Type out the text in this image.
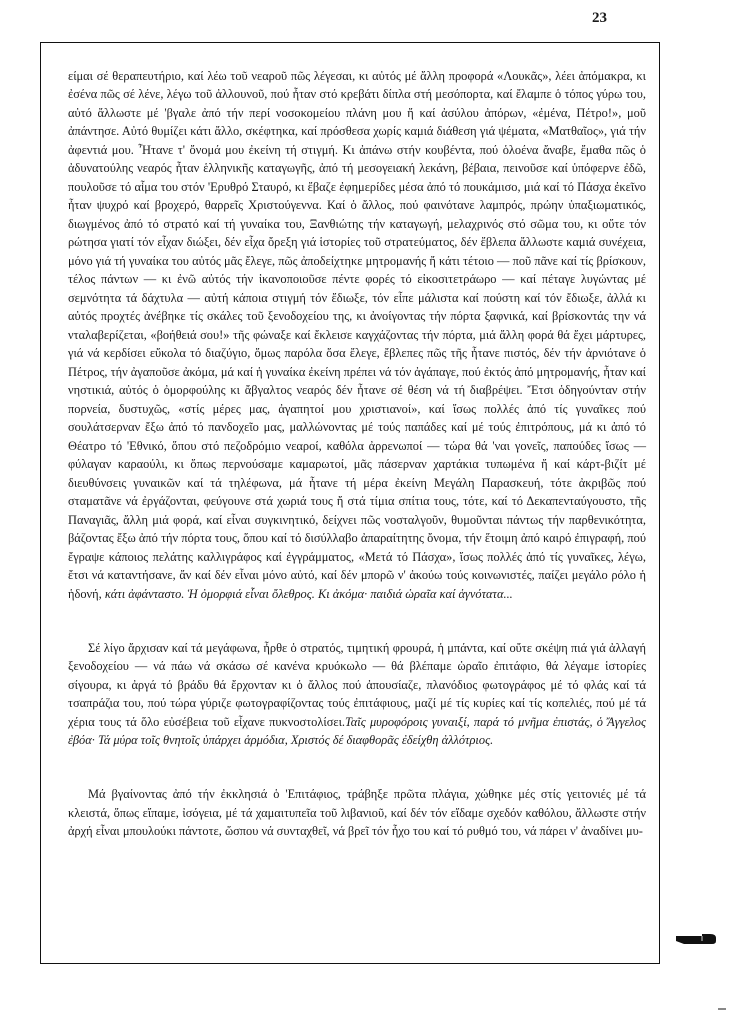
23

είμαι σέ θεραπευτήριο, καί λέω τοῦ νεαροῦ πῶς λέγεσαι, κι αὐτός μέ ἄλλη προφορά «Λουκᾶς», λέει ἀπόμακρα, κι ἐσένα πῶς σέ λένε, λέγω τοῦ ἀλλουνοῦ, πού ἦταν στό κρεβάτι δίπλα στή μεσόπορτα, καί ἔλαμπε ὁ τόπος γύρω του, αὐτό ἄλλωστε μέ 'βγαλε ἀπό τήν περί νοσοκομείου πλάνη μου ἤ καί ἀσύλου ἀπόρων, «ἐμένα, Πέτρο!», μοῦ ἀπάντησε. Αὐτό θυμίζει κάτι ἄλλο, σκέφτηκα, καί πρόσθεσα χωρίς καμιά διάθεση γιά ψέματα, «Ματθαῖος», γιά τήν ἀφεντιά μου. Ἦτανε τ' ὄνομά μου ἐκείνη τή στιγμή. Κι ἀπάνω στήν κουβέντα, πού ὁλοένα ἄναβε, ἔμαθα πῶς ὁ ἀδυνατούλης νεαρός ἦταν ἑλληνικῆς καταγωγῆς, ἀπό τή μεσογειακή λεκάνη, βέβαια, πεινοῦσε καί ὑπόφερνε ἐδῶ, πουλοῦσε τό αἷμα του στόν 'Ερυθρό Σταυρό, κι ἔβαζε ἐφημερίδες μέσα ἀπό τό πουκάμισο, μιά καί τό Πάσχα ἐκεῖνο ἦταν ψυχρό καί βροχερό, θαρρεῖς Χριστούγεννα. Καί ὁ ἄλλος, πού φαινότανε λαμπρός, πρώην ὑπαξιωματικός, διωγμένος ἀπό τό στρατό καί τή γυναίκα του, Ξανθιώτης τήν καταγωγή, μελαχρινός στό σῶμα του, κι οὔτε τόν ρώτησα γιατί τόν εἶχαν διώξει, δέν εἶχα ὄρεξη γιά ἱστορίες τοῦ στρατεύματος, δέν ἔβλεπα ἄλλωστε καμιά συνέχεια, μόνο γιά τή γυναίκα του αὐτός μᾶς ἔλεγε, πῶς ἀποδείχτηκε μητρομανής ἤ κάτι τέτοιο — ποῦ πᾶνε καί τίς βρίσκουν, τέλος πάντων — κι ἐνῶ αὐτός τήν ἱκανοποιοῦσε πέντε φορές τό εἰκοσιτετράωρο — καί πέταγε λυγώντας μέ σεμνότητα τά δάχτυλα — αὐτή κάποια στιγμή τόν ἔδιωξε, τόν εἶπε μάλιστα καί πούστη καί τόν ἔδιωξε, ἀλλά κι αὐτός προχτές ἀνέβηκε τίς σκάλες τοῦ ξενοδοχείου της, κι ἀνοίγοντας τήν πόρτα ξαφνικά, καί βρίσκοντάς την νά νταλαβερίζεται, «βοήθειά σου!» τῆς φώναξε καί ἔκλεισε καγχάζοντας τήν πόρτα, μιά ἄλλη φορά θά ἔχει μάρτυρες, γιά νά κερδίσει εὔκολα τό διαζύγιο, ὅμως παρόλα ὅσα ἔλεγε, ἔβλεπες πῶς τῆς ἦτανε πιστός, δέν τήν ἀρνιότανε ὁ Πέτρος, τήν ἀγαποῦσε ἀκόμα, μά καί ἡ γυναίκα ἐκείνη πρέπει νά τόν ἀγάπαγε, πού ἐκτός ἀπό μητρομανής, ἦταν καί νηστικιά, αὐτός ὁ ὀμορφούλης κι ἄβγαλτος νεαρός δέν ἦτανε σέ θέση νά τή διαβρέψει. Ἔτσι ὁδηγούνταν στήν πορνεία, δυστυχῶς, «στίς μέρες μας, ἀγαπητοί μου χριστιανοί», καί ἴσως πολλές ἀπό τίς γυναῖκες πού σουλάτσερναν ἔξω ἀπό τό πανδοχεῖο μας, μαλλώνοντας μέ τούς παπάδες καί μέ τούς ἐπιτρόπους, μά κι ἀπό τό Θέατρο τό 'Εθνικό, ὅπου στό πεζοδρόμιο νεαροί, καθόλα ἀρρενωποί — τώρα θά 'ναι γονεῖς, παπούδες ἴσως — φύλαγαν καραούλι, κι ὅπως περνούσαμε καμαρωτοί, μᾶς πάσερναν χαρτάκια τυπωμένα ἤ καί κάρτ-βιζίτ μέ διευθύνσεις γυναικῶν καί τά τηλέφωνα, μά ἦτανε τή μέρα ἐκείνη Μεγάλη Παρασκευή, τότε ἀκριβῶς πού σταματᾶνε νά ἐργάζονται, φεύγουνε στά χωριά τους ἤ στά τίμια σπίτια τους, τότε, καί τό Δεκαπενταύγουστο, τῆς Παναγιᾶς, ἄλλη μιά φορά, καί εἶναι συγκινητικό, δείχνει πῶς νοσταλγοῦν, θυμοῦνται πάντως τήν παρθενικότητα, βάζοντας ἔξω ἀπό τήν πόρτα τους, ὅπου καί τό δισύλλαβο ἀπαραίτητης ὄνομα, τήν ἕτοιμη ἀπό καιρό ἐπιγραφή, πού ἔγραψε κάποιος πελάτης καλλιγράφος καί ἐγγράμματος, «Μετά τό Πάσχα», ἴσως πολλές ἀπό τίς γυναῖκες, λέγω, ἔτσι νά καταντήσανε, ἄν καί δέν εἶναι μόνο αὐτό, καί δέν μπορῶ ν' ἀκούω τούς κοινωνιστές, παίζει μεγάλο ρόλο ἡ ἡδονή, κάτι ἀφάνταστο. Ἡ ὀμορφιά εἶναι ὄλεθρος. Κι ἀκόμα· παιδιά ὡραῖα καί ἁγνότατα...

Σέ λίγο ἄρχισαν καί τά μεγάφωνα, ἦρθε ὁ στρατός, τιμητική φρουρά, ἡ μπάντα, καί οὔτε σκέψη πιά γιά ἀλλαγή ξενοδοχείου — νά πάω νά σκάσω σέ κανένα κρυόκωλο — θά βλέπαμε ὡραῖο ἐπιτάφιο, θά λέγαμε ἱστορίες σίγουρα, κι ἀργά τό βράδυ θά ἔρχονταν κι ὁ ἄλλος πού ἀπουσίαζε, πλανόδιος φωτογράφος μέ τό φλάς καί τά τσαπράζια του, πού τώρα γύριζε φωτογραφίζοντας τούς ἐπιτάφιους, μαζί μέ τίς κυρίες καί τίς κοπελιές, πού μέ τά χέρια τους τά ὅλο εὐσέβεια τοῦ εἶχανε πυκνοστολίσει.Ταῖς μυροφόροις γυναιξί, παρά τό μνῆμα ἐπιστάς, ὁ Ἄγγελος ἐβόα· Τά μύρα τοῖς θνητοῖς ὑπάρχει ἁρμόδια, Χριστός δέ διαφθορᾶς ἐδείχθη ἀλλότριος.

Μά βγαίνοντας ἀπό τήν ἐκκλησιά ὁ 'Επιτάφιος, τράβηξε πρῶτα πλάγια, χώθηκε μές στίς γειτονιές μέ τά κλειστά, ὅπως εἴπαμε, ἰσόγεια, μέ τά χαμαιτυπεῖα τοῦ λιβανιοῦ, καί δέν τόν εἴδαμε σχεδόν καθόλου, ἄλλωστε στήν ἀρχή εἶναι μπουλούκι πάντοτε, ὥσπου νά συνταχθεῖ, νά βρεῖ τόν ἦχο του καί τό ρυθμό του, νά πάρει ν' ἀναδίνει μυ-
